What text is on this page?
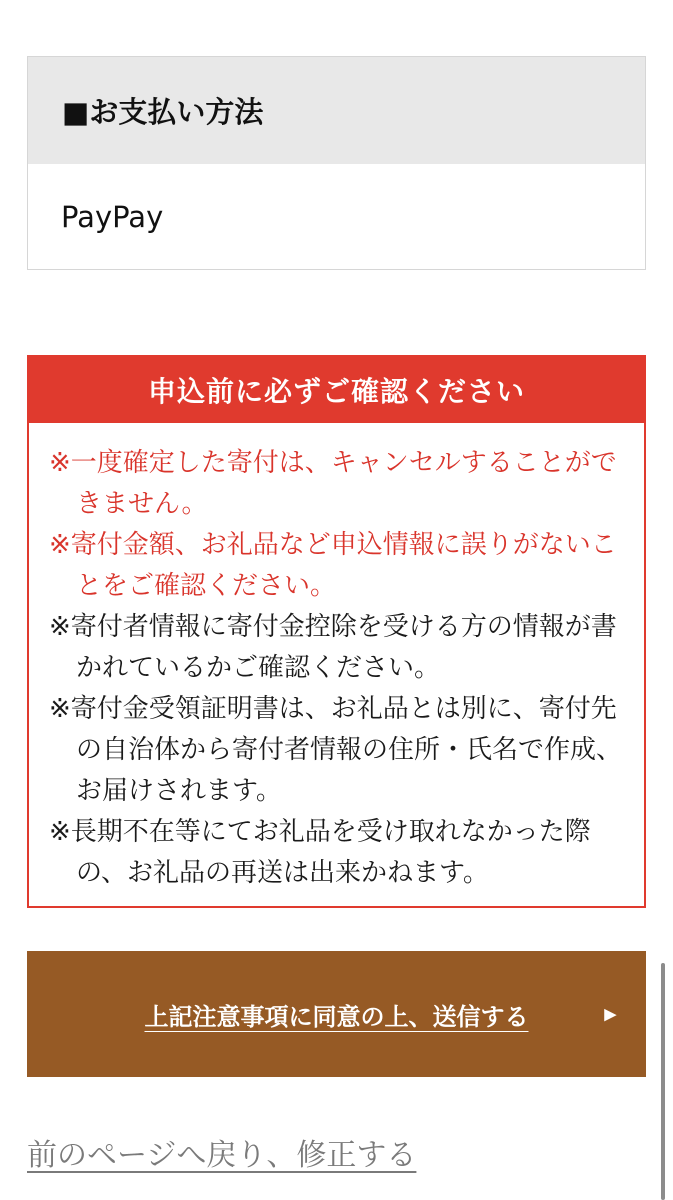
■お支払い方法
PayPay
申込前に必ずご確認ください
※一度確定した寄付は、キャンセルすることができません。
※寄付金額、お礼品など申込情報に誤りがないことをご確認ください。
※寄付者情報に寄付金控除を受ける方の情報が書かれているかご確認ください。
※寄付金受領証明書は、お礼品とは別に、寄付先の自治体から寄付者情報の住所・氏名で作成、お届けされます。
※長期不在等にてお礼品を受け取れなかった際の、お礼品の再送は出来かねます。
上記注意事項に同意の上、送信する	▶
前のページへ戻り、修正する
